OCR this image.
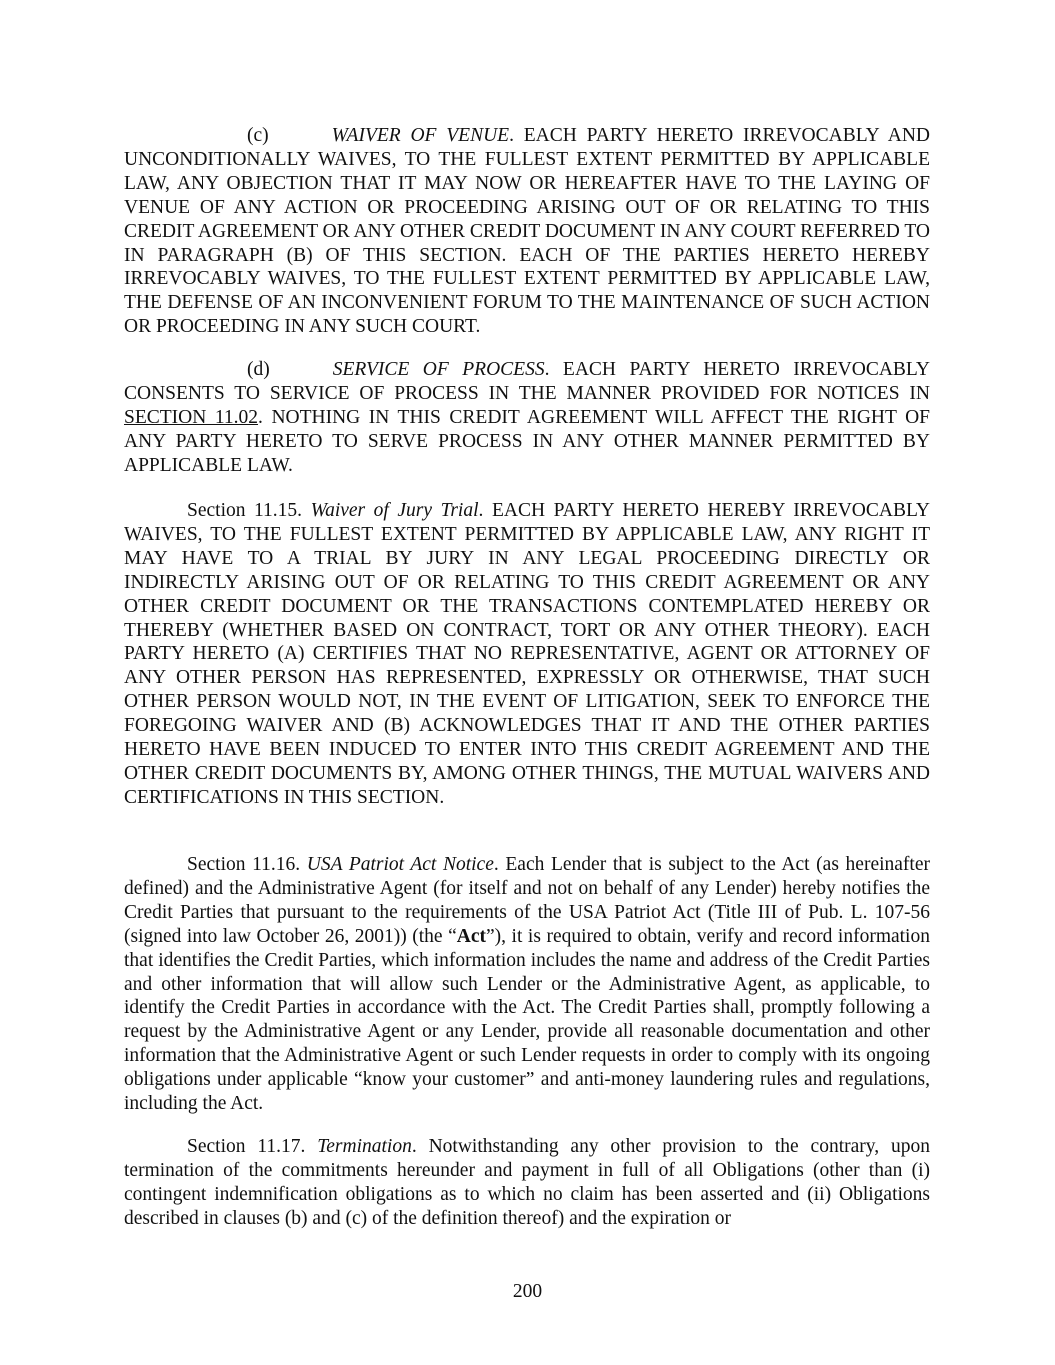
(c)	WAIVER OF VENUE. EACH PARTY HERETO IRREVOCABLY AND UNCONDITIONALLY WAIVES, TO THE FULLEST EXTENT PERMITTED BY APPLICABLE LAW, ANY OBJECTION THAT IT MAY NOW OR HEREAFTER HAVE TO THE LAYING OF VENUE OF ANY ACTION OR PROCEEDING ARISING OUT OF OR RELATING TO THIS CREDIT AGREEMENT OR ANY OTHER CREDIT DOCUMENT IN ANY COURT REFERRED TO IN PARAGRAPH (B) OF THIS SECTION. EACH OF THE PARTIES HERETO HEREBY IRREVOCABLY WAIVES, TO THE FULLEST EXTENT PERMITTED BY APPLICABLE LAW, THE DEFENSE OF AN INCONVENIENT FORUM TO THE MAINTENANCE OF SUCH ACTION OR PROCEEDING IN ANY SUCH COURT.

(d)	SERVICE OF PROCESS. EACH PARTY HERETO IRREVOCABLY CONSENTS TO SERVICE OF PROCESS IN THE MANNER PROVIDED FOR NOTICES IN SECTION 11.02. NOTHING IN THIS CREDIT AGREEMENT WILL AFFECT THE RIGHT OF ANY PARTY HERETO TO SERVE PROCESS IN ANY OTHER MANNER PERMITTED BY APPLICABLE LAW.

Section 11.15. Waiver of Jury Trial. EACH PARTY HERETO HEREBY IRREVOCABLY WAIVES, TO THE FULLEST EXTENT PERMITTED BY APPLICABLE LAW, ANY RIGHT IT MAY HAVE TO A TRIAL BY JURY IN ANY LEGAL PROCEEDING DIRECTLY OR INDIRECTLY ARISING OUT OF OR RELATING TO THIS CREDIT AGREEMENT OR ANY OTHER CREDIT DOCUMENT OR THE TRANSACTIONS CONTEMPLATED HEREBY OR THEREBY (WHETHER BASED ON CONTRACT, TORT OR ANY OTHER THEORY). EACH PARTY HERETO (A) CERTIFIES THAT NO REPRESENTATIVE, AGENT OR ATTORNEY OF ANY OTHER PERSON HAS REPRESENTED, EXPRESSLY OR OTHERWISE, THAT SUCH OTHER PERSON WOULD NOT, IN THE EVENT OF LITIGATION, SEEK TO ENFORCE THE FOREGOING WAIVER AND (B) ACKNOWLEDGES THAT IT AND THE OTHER PARTIES HERETO HAVE BEEN INDUCED TO ENTER INTO THIS CREDIT AGREEMENT AND THE OTHER CREDIT DOCUMENTS BY, AMONG OTHER THINGS, THE MUTUAL WAIVERS AND CERTIFICATIONS IN THIS SECTION.

Section 11.16. USA Patriot Act Notice. Each Lender that is subject to the Act (as hereinafter defined) and the Administrative Agent (for itself and not on behalf of any Lender) hereby notifies the Credit Parties that pursuant to the requirements of the USA Patriot Act (Title III of Pub. L. 107-56 (signed into law October 26, 2001)) (the “Act”), it is required to obtain, verify and record information that identifies the Credit Parties, which information includes the name and address of the Credit Parties and other information that will allow such Lender or the Administrative Agent, as applicable, to identify the Credit Parties in accordance with the Act. The Credit Parties shall, promptly following a request by the Administrative Agent or any Lender, provide all reasonable documentation and other information that the Administrative Agent or such Lender requests in order to comply with its ongoing obligations under applicable “know your customer” and anti-money laundering rules and regulations, including the Act.

Section 11.17. Termination. Notwithstanding any other provision to the contrary, upon termination of the commitments hereunder and payment in full of all Obligations (other than (i) contingent indemnification obligations as to which no claim has been asserted and (ii) Obligations described in clauses (b) and (c) of the definition thereof) and the expiration or

200
